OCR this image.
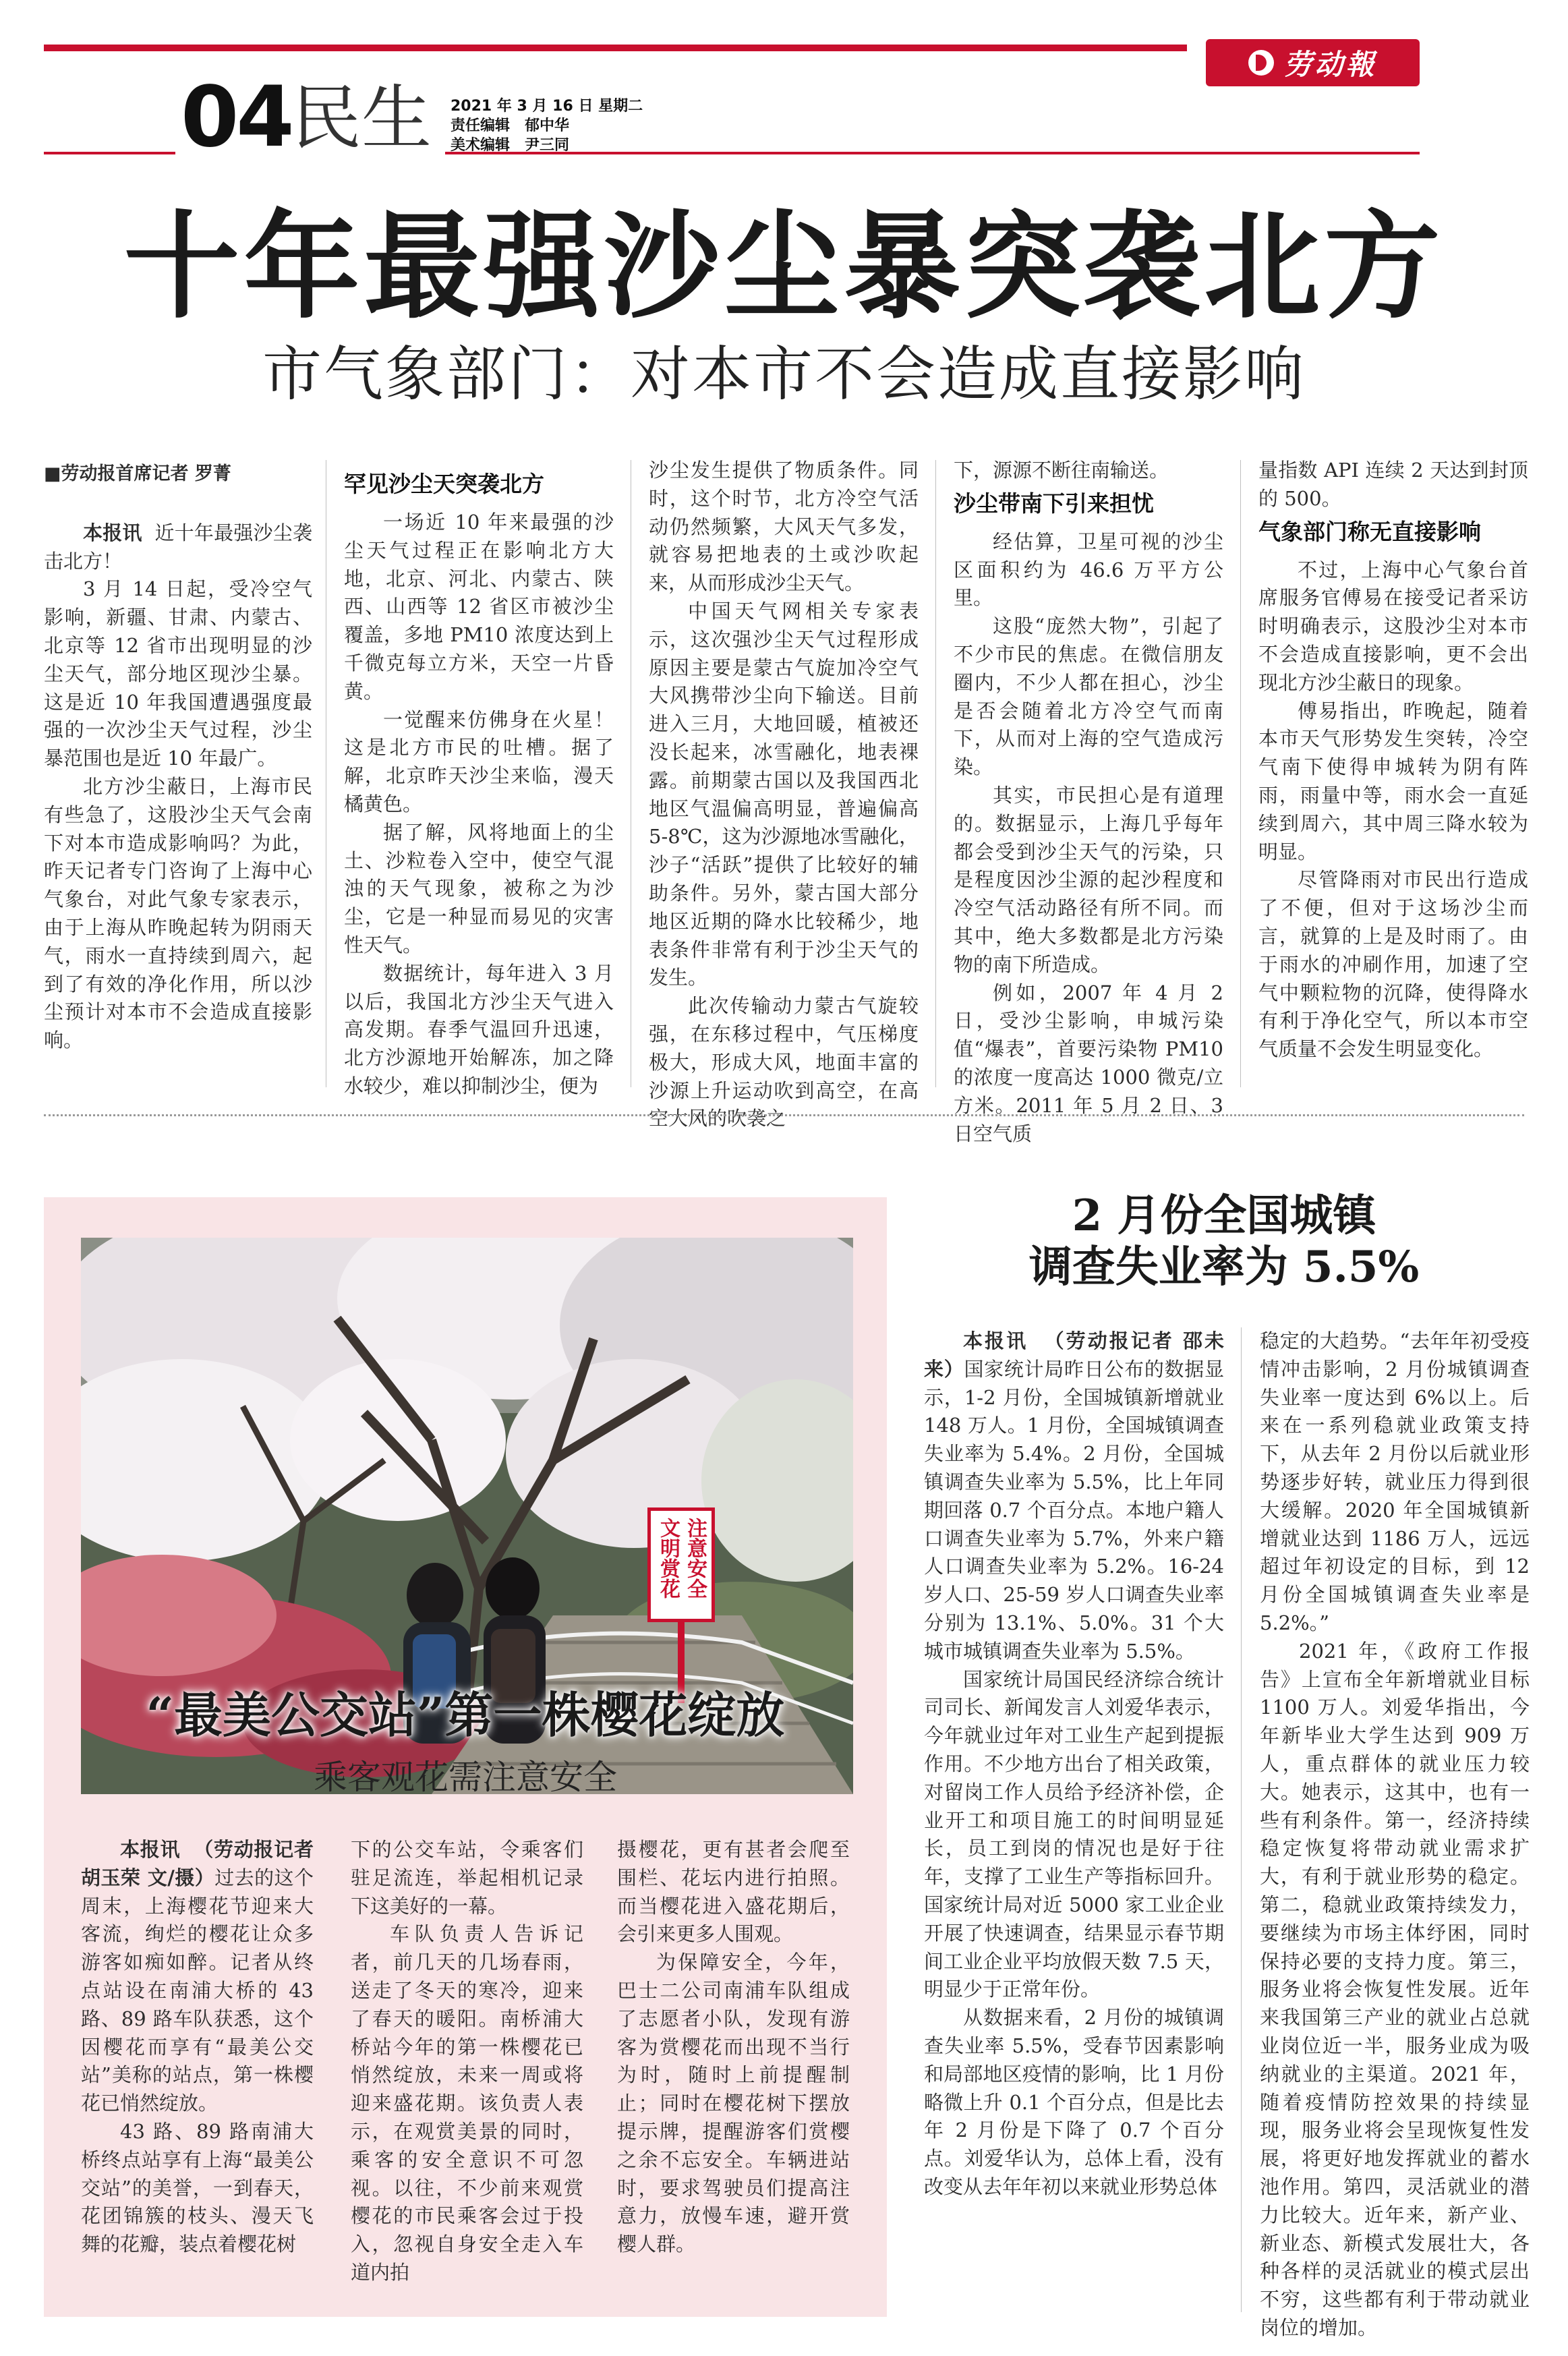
劳动報
04 民生 2021 年 3 月 16 日 星期二
责任编辑　郁中华
美术编辑　尹三同
十年最强沙尘暴突袭北方
市气象部门：对本市不会造成直接影响

■劳动报首席记者 罗菁

本报讯 近十年最强沙尘袭击北方！

3 月 14 日起，受冷空气影响，新疆、甘肃、内蒙古、北京等 12 省市出现明显的沙尘天气，部分地区现沙尘暴。这是近 10 年我国遭遇强度最强的一次沙尘天气过程，沙尘暴范围也是近 10 年最广。

北方沙尘蔽日，上海市民有些急了，这股沙尘天气会南下对本市造成影响吗？为此，昨天记者专门咨询了上海中心气象台，对此气象专家表示，由于上海从昨晚起转为阴雨天气，雨水一直持续到周六，起到了有效的净化作用，所以沙尘预计对本市不会造成直接影响。

罕见沙尘天突袭北方

一场近 10 年来最强的沙尘天气过程正在影响北方大地，北京、河北、内蒙古、陕西、山西等 12 省区市被沙尘覆盖，多地 PM10 浓度达到上千微克每立方米，天空一片昏黄。

一觉醒来仿佛身在火星！这是北方市民的吐槽。据了解，北京昨天沙尘来临，漫天橘黄色。

据了解，风将地面上的尘土、沙粒卷入空中，使空气混浊的天气现象，被称之为沙尘，它是一种显而易见的灾害性天气。

数据统计，每年进入 3 月以后，我国北方沙尘天气进入高发期。春季气温回升迅速，北方沙源地开始解冻，加之降水较少，难以抑制沙尘，便为

沙尘发生提供了物质条件。同时，这个时节，北方冷空气活动仍然频繁，大风天气多发，就容易把地表的土或沙吹起来，从而形成沙尘天气。

中国天气网相关专家表示，这次强沙尘天气过程形成原因主要是蒙古气旋加冷空气大风携带沙尘向下输送。目前进入三月，大地回暖，植被还没长起来，冰雪融化，地表裸露。前期蒙古国以及我国西北地区气温偏高明显，普遍偏高 5-8℃，这为沙源地冰雪融化，沙子“活跃”提供了比较好的辅助条件。另外，蒙古国大部分地区近期的降水比较稀少，地表条件非常有利于沙尘天气的发生。

此次传输动力蒙古气旋较强，在东移过程中，气压梯度极大，形成大风，地面丰富的沙源上升运动吹到高空，在高空大风的吹袭之

下，源源不断往南输送。

沙尘带南下引来担忧

经估算，卫星可视的沙尘区面积约为 46.6 万平方公里。

这股“庞然大物”，引起了不少市民的焦虑。在微信朋友圈内，不少人都在担心，沙尘是否会随着北方冷空气而南下，从而对上海的空气造成污染。

其实，市民担心是有道理的。数据显示，上海几乎每年都会受到沙尘天气的污染，只是程度因沙尘源的起沙程度和冷空气活动路径有所不同。而其中，绝大多数都是北方污染物的南下所造成。

例如，2007 年 4 月 2 日，受沙尘影响，申城污染值“爆表”，首要污染物 PM10 的浓度一度高达 1000 微克/立方米。2011 年 5 月 2 日、3 日空气质

量指数 API 连续 2 天达到封顶的 500。

气象部门称无直接影响

不过，上海中心气象台首席服务官傅易在接受记者采访时明确表示，这股沙尘对本市不会造成直接影响，更不会出现北方沙尘蔽日的现象。

傅易指出，昨晚起，随着本市天气形势发生突转，冷空气南下使得申城转为阴有阵雨，雨量中等，雨水会一直延续到周六，其中周三降水较为明显。

尽管降雨对市民出行造成了不便，但对于这场沙尘而言，就算的上是及时雨了。由于雨水的冲刷作用，加速了空气中颗粒物的沉降，使得降水有利于净化空气，所以本市空气质量不会发生明显变化。

文明赏花 注意安全
“最美公交站”第一株樱花绽放
乘客观花需注意安全

本报讯 （劳动报记者 胡玉荣 文/摄）过去的这个周末，上海樱花节迎来大客流，绚烂的樱花让众多游客如痴如醉。记者从终点站设在南浦大桥的 43 路、89 路车队获悉，这个因樱花而享有“最美公交站”美称的站点，第一株樱花已悄然绽放。

43 路、89 路南浦大桥终点站享有上海“最美公交站”的美誉，一到春天，花团锦簇的枝头、漫天飞舞的花瓣，装点着樱花树

下的公交车站，令乘客们驻足流连，举起相机记录下这美好的一幕。

车队负责人告诉记者，前几天的几场春雨，送走了冬天的寒冷，迎来了春天的暖阳。南桥浦大桥站今年的第一株樱花已悄然绽放，未来一周或将迎来盛花期。该负责人表示，在观赏美景的同时，乘客的安全意识不可忽视。以往，不少前来观赏樱花的市民乘客会过于投入，忽视自身安全走入车道内拍

摄樱花，更有甚者会爬至围栏、花坛内进行拍照。而当樱花进入盛花期后，会引来更多人围观。

为保障安全，今年，巴士二公司南浦车队组成了志愿者小队，发现有游客为赏樱花而出现不当行为时，随时上前提醒制止；同时在樱花树下摆放提示牌，提醒游客们赏樱之余不忘安全。车辆进站时，要求驾驶员们提高注意力，放慢车速，避开赏樱人群。

2 月份全国城镇
调查失业率为 5.5%

本报讯 （劳动报记者 邵未来）国家统计局昨日公布的数据显示，1-2 月份，全国城镇新增就业 148 万人。1 月份，全国城镇调查失业率为 5.4%。2 月份，全国城镇调查失业率为 5.5%，比上年同期回落 0.7 个百分点。本地户籍人口调查失业率为 5.7%，外来户籍人口调查失业率为 5.2%。16-24 岁人口、25-59 岁人口调查失业率分别为 13.1%、5.0%。31 个大城市城镇调查失业率为 5.5%。

国家统计局国民经济综合统计司司长、新闻发言人刘爱华表示，今年就业过年对工业生产起到提振作用。不少地方出台了相关政策，对留岗工作人员给予经济补偿，企业开工和项目施工的时间明显延长，员工到岗的情况也是好于往年，支撑了工业生产等指标回升。国家统计局对近 5000 家工业企业开展了快速调查，结果显示春节期间工业企业平均放假天数 7.5 天，明显少于正常年份。

从数据来看，2 月份的城镇调查失业率 5.5%，受春节因素影响和局部地区疫情的影响，比 1 月份略微上升 0.1 个百分点，但是比去年 2 月份是下降了 0.7 个百分点。刘爱华认为，总体上看，没有改变从去年年初以来就业形势总体

稳定的大趋势。“去年年初受疫情冲击影响，2 月份城镇调查失业率一度达到 6%以上。后来在一系列稳就业政策支持下，从去年 2 月份以后就业形势逐步好转，就业压力得到很大缓解。2020 年全国城镇新增就业达到 1186 万人，远远超过年初设定的目标，到 12 月份全国城镇调查失业率是 5.2%。”

2021 年，《政府工作报告》上宣布全年新增就业目标 1100 万人。刘爱华指出，今年新毕业大学生达到 909 万人，重点群体的就业压力较大。她表示，这其中，也有一些有利条件。第一，经济持续稳定恢复将带动就业需求扩大，有利于就业形势的稳定。第二，稳就业政策持续发力，要继续为市场主体纾困，同时保持必要的支持力度。第三，服务业将会恢复性发展。近年来我国第三产业的就业占总就业岗位近一半，服务业成为吸纳就业的主渠道。2021 年，随着疫情防控效果的持续显现，服务业将会呈现恢复性发展，将更好地发挥就业的蓄水池作用。第四，灵活就业的潜力比较大。近年来，新产业、新业态、新模式发展壮大，各种各样的灵活就业的模式层出不穷，这些都有利于带动就业岗位的增加。
